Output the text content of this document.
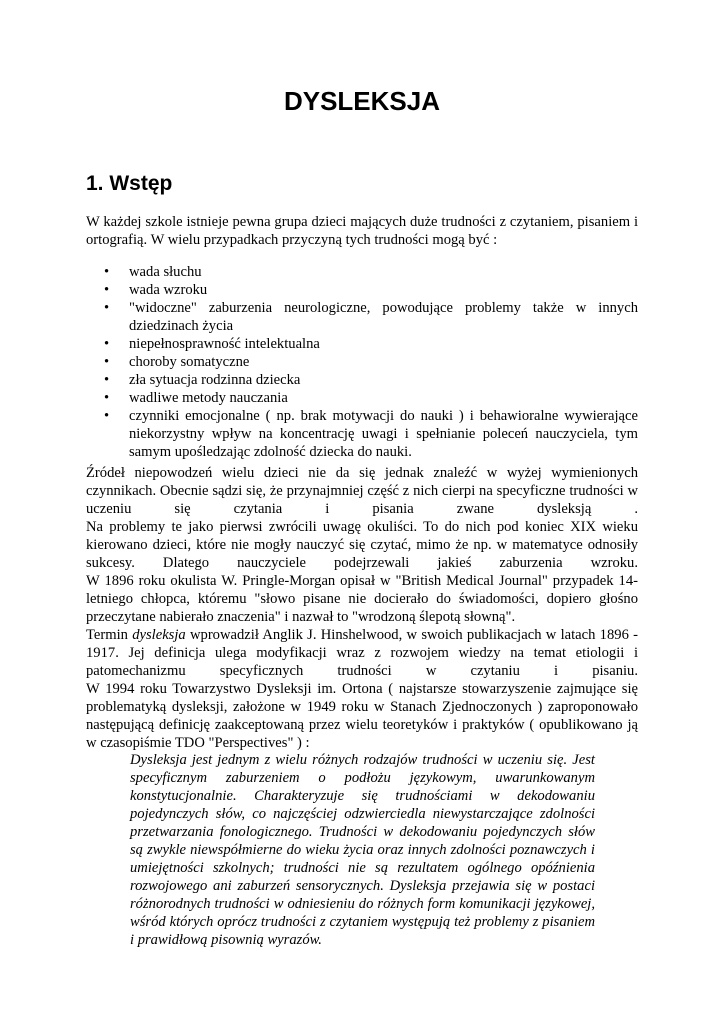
DYSLEKSJA
1. Wstęp

W każdej szkole istnieje pewna grupa dzieci mających duże trudności z czytaniem, pisaniem i ortografią. W wielu przypadkach przyczyną tych trudności mogą być :

• wada słuchu
• wada wzroku
• "widoczne" zaburzenia neurologiczne, powodujące problemy także w innych dziedzinach życia
• niepełnosprawność intelektualna
• choroby somatyczne
• zła sytuacja rodzinna dziecka
• wadliwe metody nauczania
• czynniki emocjonalne ( np. brak motywacji do nauki ) i behawioralne wywierające niekorzystny wpływ na koncentrację uwagi i spełnianie poleceń nauczyciela, tym samym upośledzając zdolność dziecka do nauki.

Źródeł niepowodzeń wielu dzieci nie da się jednak znaleźć w wyżej wymienionych czynnikach. Obecnie sądzi się, że przynajmniej część z nich cierpi na specyficzne trudności w uczeniu się czytania i pisania zwane dysleksją .

Na problemy te jako pierwsi zwrócili uwagę okuliści. To do nich pod koniec XIX wieku kierowano dzieci, które nie mogły nauczyć się czytać, mimo że np. w matematyce odnosiły sukcesy. Dlatego nauczyciele podejrzewali jakieś zaburzenia wzroku.

W 1896 roku okulista W. Pringle-Morgan opisał w "British Medical Journal" przypadek 14-letniego chłopca, któremu "słowo pisane nie docierało do świadomości, dopiero głośno przeczytane nabierało znaczenia" i nazwał to "wrodzoną ślepotą słowną".

Termin dysleksja wprowadził Anglik J. Hinshelwood, w swoich publikacjach w latach 1896 - 1917. Jej definicja ulega modyfikacji wraz z rozwojem wiedzy na temat etiologii i patomechanizmu specyficznych trudności w czytaniu i pisaniu.

W 1994 roku Towarzystwo Dysleksji im. Ortona ( najstarsze stowarzyszenie zajmujące się problematyką dysleksji, założone w 1949 roku w Stanach Zjednoczonych ) zaproponowało następującą definicję zaakceptowaną przez wielu teoretyków i praktyków ( opublikowano ją w czasopiśmie TDO "Perspectives" ) :

Dysleksja jest jednym z wielu różnych rodzajów trudności w uczeniu się. Jest specyficznym zaburzeniem o podłożu językowym, uwarunkowanym konstytucjonalnie. Charakteryzuje się trudnościami w dekodowaniu pojedynczych słów, co najczęściej odzwierciedla niewystarczające zdolności przetwarzania fonologicznego. Trudności w dekodowaniu pojedynczych słów są zwykle niewspółmierne do wieku życia oraz innych zdolności poznawczych i umiejętności szkolnych; trudności nie są rezultatem ogólnego opóźnienia rozwojowego ani zaburzeń sensorycznych. Dysleksja przejawia się w postaci różnorodnych trudności w odniesieniu do różnych form komunikacji językowej, wśród których oprócz trudności z czytaniem występują też problemy z pisaniem i prawidłową pisownią wyrazów.
